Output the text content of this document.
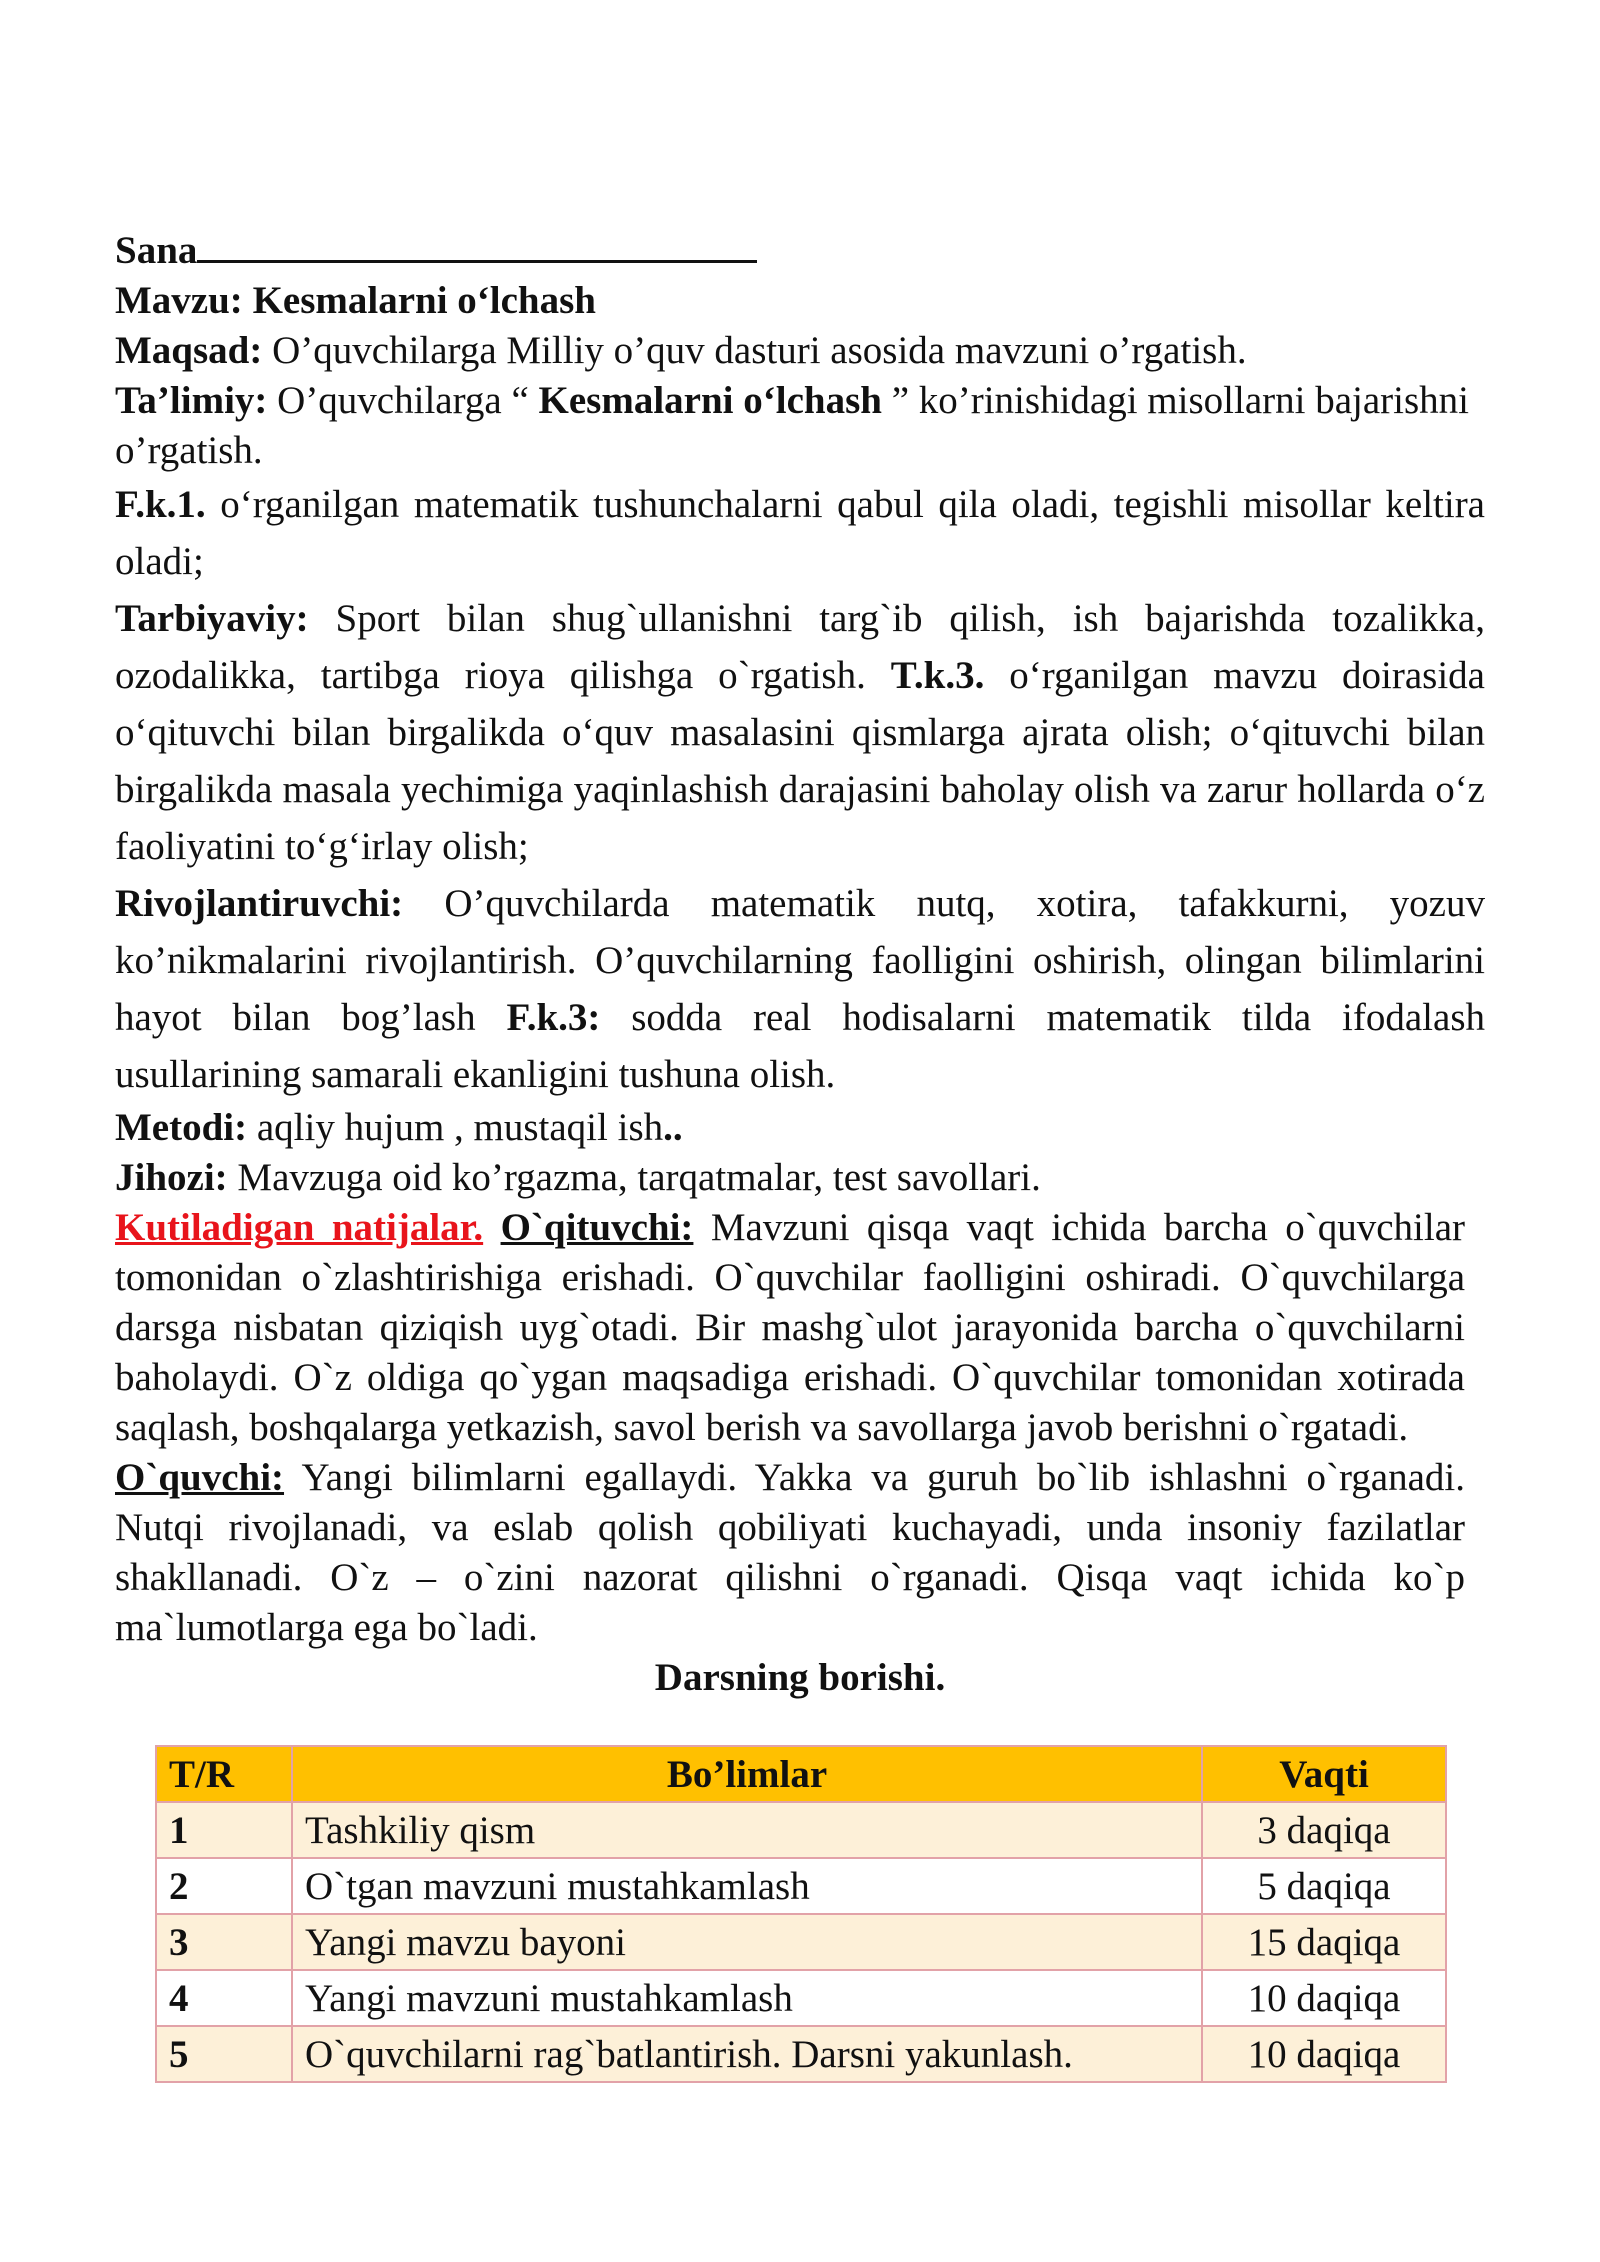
Sana

Mavzu: Kesmalarni o‘lchash

Maqsad: O’quvchilarga Milliy o’quv dasturi asosida mavzuni o’rgatish.

Ta’limiy: O’quvchilarga “ Kesmalarni o‘lchash ” ko’rinishidagi misollarni bajarishni o’rgatish.

F.k.1. o‘rganilgan matematik tushunchalarni qabul qila oladi, tegishli misollar keltira oladi;

Tarbiyaviy: Sport bilan shug`ullanishni targ`ib qilish, ish bajarishda tozalikka, ozodalikka, tartibga rioya qilishga o`rgatish. T.k.3. o‘rganilgan mavzu doirasida o‘qituvchi bilan birgalikda o‘quv masalasini qismlarga ajrata olish; o‘qituvchi bilan birgalikda masala yechimiga yaqinlashish darajasini baholay olish va zarur hollarda o‘z faoliyatini to‘g‘irlay olish;

Rivojlantiruvchi: O’quvchilarda matematik nutq, xotira, tafakkurni, yozuv ko’nikmalarini rivojlantirish. O’quvchilarning faolligini oshirish, olingan bilimlarini hayot bilan bog’lash F.k.3: sodda real hodisalarni matematik tilda ifodalash usullarining samarali ekanligini tushuna olish.

Metodi: aqliy hujum , mustaqil ish..

Jihozi: Mavzuga oid ko’rgazma, tarqatmalar, test savollari.

Kutiladigan natijalar. O`qituvchi: Mavzuni qisqa vaqt ichida barcha o`quvchilar tomonidan o`zlashtirishiga erishadi. O`quvchilar faolligini oshiradi. O`quvchilarga darsga nisbatan qiziqish uyg`otadi. Bir mashg`ulot jarayonida barcha o`quvchilarni baholaydi. O`z oldiga qo`ygan maqsadiga erishadi. O`quvchilar tomonidan xotirada saqlash, boshqalarga yetkazish, savol berish va savollarga javob berishni o`rgatadi.

O`quvchi: Yangi bilimlarni egallaydi. Yakka va guruh bo`lib ishlashni o`rganadi. Nutqi rivojlanadi, va eslab qolish qobiliyati kuchayadi, unda insoniy fazilatlar shakllanadi. O`z – o`zini nazorat qilishni o`rganadi. Qisqa vaqt ichida ko`p ma`lumotlarga ega bo`ladi.

Darsning borishi.

T/R	Bo’limlar	Vaqti
1	Tashkiliy qism	3 daqiqa
2	O`tgan mavzuni mustahkamlash	5 daqiqa
3	Yangi mavzu bayoni	15 daqiqa
4	Yangi mavzuni mustahkamlash	10 daqiqa
5	O`quvchilarni rag`batlantirish. Darsni yakunlash.	10 daqiqa
